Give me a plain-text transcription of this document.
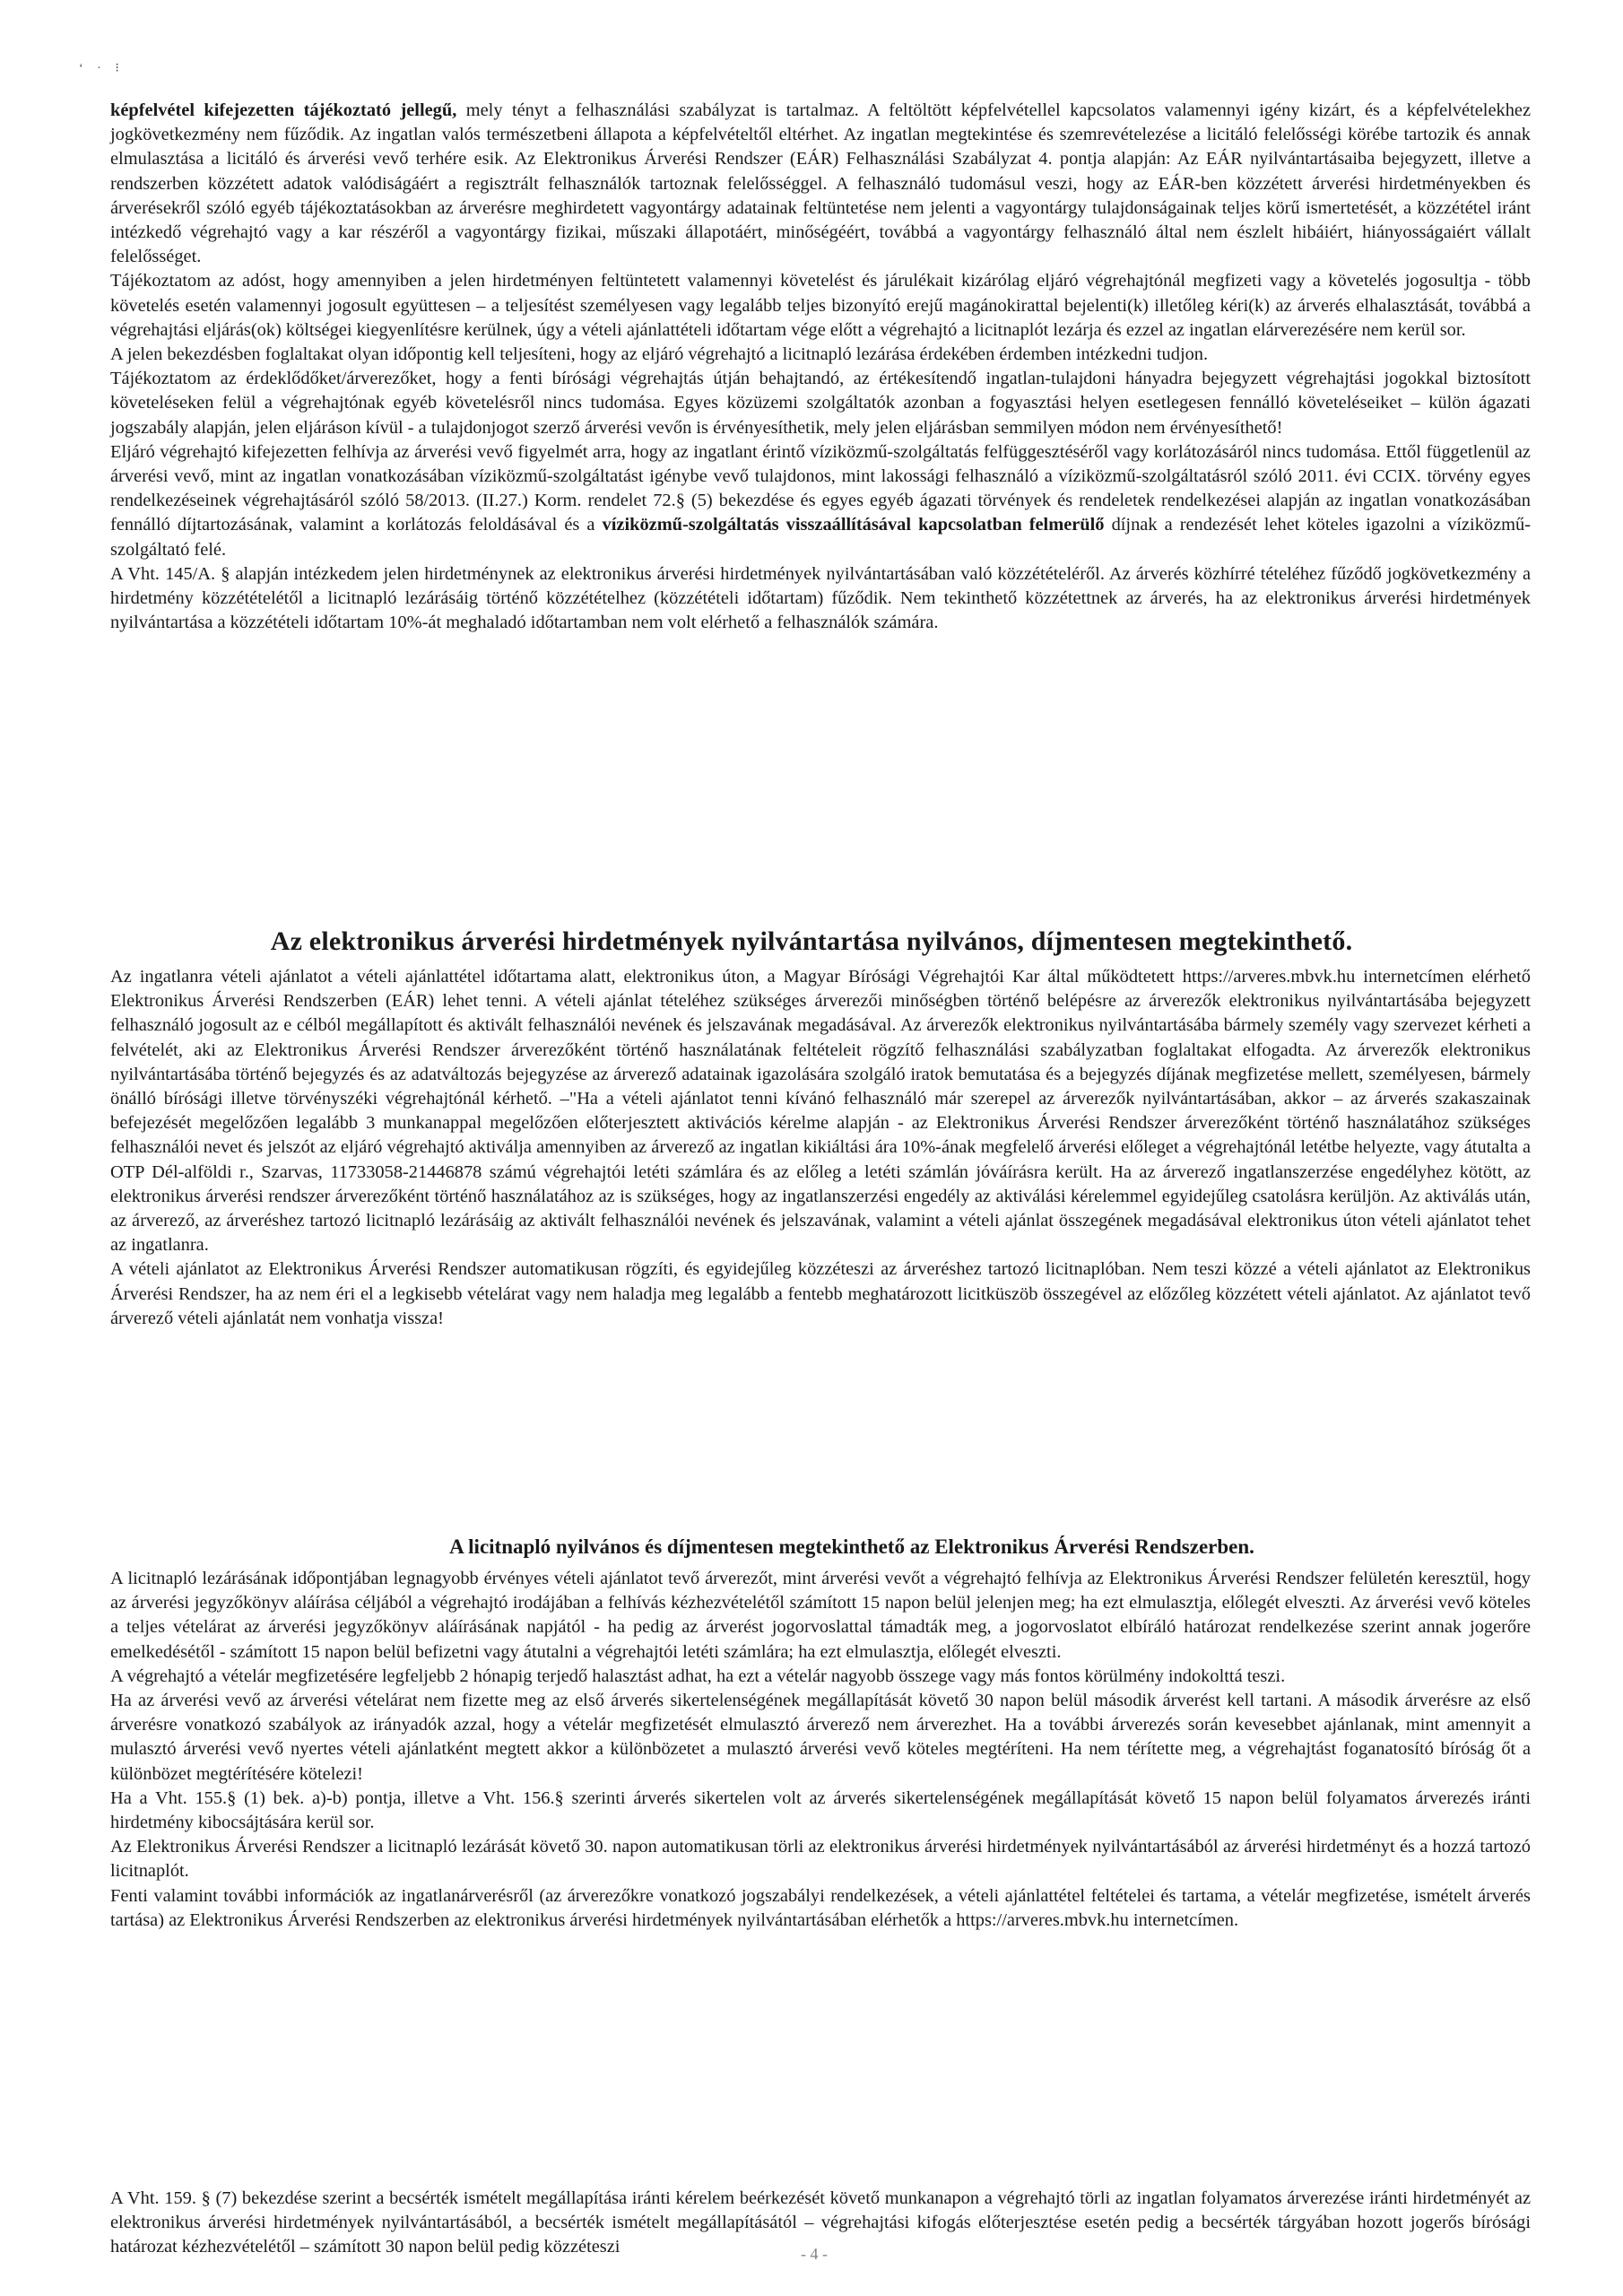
‘ · ⁝

képfelvétel kifejezetten tájékoztató jellegű, mely tényt a felhasználási szabályzat is tartalmaz. A feltöltött képfelvétellel kapcsolatos valamennyi igény kizárt, és a képfelvételekhez jogkövetkezmény nem fűződik. Az ingatlan valós természetbeni állapota a képfelvételtől eltérhet. Az ingatlan megtekintése és szemrevételezése a licitáló felelősségi körébe tartozik és annak elmulasztása a licitáló és árverési vevő terhére esik. Az Elektronikus Árverési Rendszer (EÁR) Felhasználási Szabályzat 4. pontja alapján: Az EÁR nyilvántartásaiba bejegyzett, illetve a rendszerben közzétett adatok valódiságáért a regisztrált felhasználók tartoznak felelősséggel. A felhasználó tudomásul veszi, hogy az EÁR-ben közzétett árverési hirdetményekben és árverésekről szóló egyéb tájékoztatásokban az árverésre meghirdetett vagyontárgy adatainak feltüntetése nem jelenti a vagyontárgy tulajdonságainak teljes körű ismertetését, a közzététel iránt intézkedő végrehajtó vagy a kar részéről a vagyontárgy fizikai, műszaki állapotáért, minőségéért, továbbá a vagyontárgy felhasználó által nem észlelt hibáiért, hiányosságaiért vállalt felelősséget.

Tájékoztatom az adóst, hogy amennyiben a jelen hirdetményen feltüntetett valamennyi követelést és járulékait kizárólag eljáró végrehajtónál megfizeti vagy a követelés jogosultja - több követelés esetén valamennyi jogosult együttesen – a teljesítést személyesen vagy legalább teljes bizonyító erejű magánokirattal bejelenti(k) illetőleg kéri(k) az árverés elhalasztását, továbbá a végrehajtási eljárás(ok) költségei kiegyenlítésre kerülnek, úgy a vételi ajánlattételi időtartam vége előtt a végrehajtó a licitnaplót lezárja és ezzel az ingatlan elárverezésére nem kerül sor.

A jelen bekezdésben foglaltakat olyan időpontig kell teljesíteni, hogy az eljáró végrehajtó a licitnapló lezárása érdekében érdemben intézkedni tudjon.

Tájékoztatom az érdeklődőket/árverezőket, hogy a fenti bírósági végrehajtás útján behajtandó, az értékesítendő ingatlan-tulajdoni hányadra bejegyzett végrehajtási jogokkal biztosított követeléseken felül a végrehajtónak egyéb követelésről nincs tudomása. Egyes közüzemi szolgáltatók azonban a fogyasztási helyen esetlegesen fennálló követeléseiket – külön ágazati jogszabály alapján, jelen eljáráson kívül - a tulajdonjogot szerző árverési vevőn is érvényesíthetik, mely jelen eljárásban semmilyen módon nem érvényesíthető!

Eljáró végrehajtó kifejezetten felhívja az árverési vevő figyelmét arra, hogy az ingatlant érintő víziközmű-szolgáltatás felfüggesztéséről vagy korlátozásáról nincs tudomása. Ettől függetlenül az árverési vevő, mint az ingatlan vonatkozásában víziközmű-szolgáltatást igénybe vevő tulajdonos, mint lakossági felhasználó a víziközmű-szolgáltatásról szóló 2011. évi CCIX. törvény egyes rendelkezéseinek végrehajtásáról szóló 58/2013. (II.27.) Korm. rendelet 72.§ (5) bekezdése és egyes egyéb ágazati törvények és rendeletek rendelkezései alapján az ingatlan vonatkozásában fennálló díjtartozásának, valamint a korlátozás feloldásával és a víziközmű-szolgáltatás visszaállításával kapcsolatban felmerülő díjnak a rendezését lehet köteles igazolni a víziközmű-szolgáltató felé.

A Vht. 145/A. § alapján intézkedem jelen hirdetménynek az elektronikus árverési hirdetmények nyilvántartásában való közzétételéről. Az árverés közhírré tételéhez fűződő jogkövetkezmény a hirdetmény közzétételétől a licitnapló lezárásáig történő közzétételhez (közzétételi időtartam) fűződik. Nem tekinthető közzétettnek az árverés, ha az elektronikus árverési hirdetmények nyilvántartása a közzétételi időtartam 10%-át meghaladó időtartamban nem volt elérhető a felhasználók számára.

Az elektronikus árverési hirdetmények nyilvántartása nyilvános, díjmentesen megtekinthető.

Az ingatlanra vételi ajánlatot a vételi ajánlattétel időtartama alatt, elektronikus úton, a Magyar Bírósági Végrehajtói Kar által működtetett https://arveres.mbvk.hu internetcímen elérhető Elektronikus Árverési Rendszerben (EÁR) lehet tenni. A vételi ajánlat tételéhez szükséges árverezői minőségben történő belépésre az árverezők elektronikus nyilvántartásába bejegyzett felhasználó jogosult az e célból megállapított és aktivált felhasználói nevének és jelszavának megadásával. Az árverezők elektronikus nyilvántartásába bármely személy vagy szervezet kérheti a felvételét, aki az Elektronikus Árverési Rendszer árverezőként történő használatának feltételeit rögzítő felhasználási szabályzatban foglaltakat elfogadta. Az árverezők elektronikus nyilvántartásába történő bejegyzés és az adatváltozás bejegyzése az árverező adatainak igazolására szolgáló iratok bemutatása és a bejegyzés díjának megfizetése mellett, személyesen, bármely önálló bírósági illetve törvényszéki végrehajtónál kérhető. –"Ha a vételi ajánlatot tenni kívánó felhasználó már szerepel az árverezők nyilvántartásában, akkor – az árverés szakaszainak befejezését megelőzően legalább 3 munkanappal megelőzően előterjesztett aktivációs kérelme alapján - az Elektronikus Árverési Rendszer árverezőként történő használatához szükséges felhasználói nevet és jelszót az eljáró végrehajtó aktiválja amennyiben az árverező az ingatlan kikiáltási ára 10%-ának megfelelő árverési előleget a végrehajtónál letétbe helyezte, vagy átutalta a OTP Dél-alföldi r., Szarvas, 11733058-21446878 számú végrehajtói letéti számlára és az előleg a letéti számlán jóváírásra került. Ha az árverező ingatlanszerzése engedélyhez kötött, az elektronikus árverési rendszer árverezőként történő használatához az is szükséges, hogy az ingatlanszerzési engedély az aktiválási kérelemmel egyidejűleg csatolásra kerüljön. Az aktiválás után, az árverező, az árveréshez tartozó licitnapló lezárásáig az aktivált felhasználói nevének és jelszavának, valamint a vételi ajánlat összegének megadásával elektronikus úton vételi ajánlatot tehet az ingatlanra.

A vételi ajánlatot az Elektronikus Árverési Rendszer automatikusan rögzíti, és egyidejűleg közzéteszi az árveréshez tartozó licitnaplóban. Nem teszi közzé a vételi ajánlatot az Elektronikus Árverési Rendszer, ha az nem éri el a legkisebb vételárat vagy nem haladja meg legalább a fentebb meghatározott licitküszöb összegével az előzőleg közzétett vételi ajánlatot. Az ajánlatot tevő árverező vételi ajánlatát nem vonhatja vissza!

A licitnapló nyilvános és díjmentesen megtekinthető az Elektronikus Árverési Rendszerben.

A licitnapló lezárásának időpontjában legnagyobb érvényes vételi ajánlatot tevő árverezőt, mint árverési vevőt a végrehajtó felhívja az Elektronikus Árverési Rendszer felületén keresztül, hogy az árverési jegyzőkönyv aláírása céljából a végrehajtó irodájában a felhívás kézhezvételétől számított 15 napon belül jelenjen meg; ha ezt elmulasztja, előlegét elveszti. Az árverési vevő köteles a teljes vételárat az árverési jegyzőkönyv aláírásának napjától - ha pedig az árverést jogorvoslattal támadták meg, a jogorvoslatot elbíráló határozat rendelkezése szerint annak jogerőre emelkedésétől - számított 15 napon belül befizetni vagy átutalni a végrehajtói letéti számlára; ha ezt elmulasztja, előlegét elveszti.

A végrehajtó a vételár megfizetésére legfeljebb 2 hónapig terjedő halasztást adhat, ha ezt a vételár nagyobb összege vagy más fontos körülmény indokolttá teszi.

Ha az árverési vevő az árverési vételárat nem fizette meg az első árverés sikertelenségének megállapítását követő 30 napon belül második árverést kell tartani. A második árverésre az első árverésre vonatkozó szabályok az irányadók azzal, hogy a vételár megfizetését elmulasztó árverező nem árverezhet. Ha a további árverezés során kevesebbet ajánlanak, mint amennyit a mulasztó árverési vevő nyertes vételi ajánlatként megtett akkor a különbözetet a mulasztó árverési vevő köteles megtéríteni. Ha nem térítette meg, a végrehajtást foganatosító bíróság őt a különbözet megtérítésére kötelezi!

Ha a Vht. 155.§ (1) bek. a)-b) pontja, illetve a Vht. 156.§ szerinti árverés sikertelen volt az árverés sikertelenségének megállapítását követő 15 napon belül folyamatos árverezés iránti hirdetmény kibocsájtására kerül sor.

Az Elektronikus Árverési Rendszer a licitnapló lezárását követő 30. napon automatikusan törli az elektronikus árverési hirdetmények nyilvántartásából az árverési hirdetményt és a hozzá tartozó licitnaplót.

Fenti valamint további információk az ingatlanárverésről (az árverezőkre vonatkozó jogszabályi rendelkezések, a vételi ajánlattétel feltételei és tartama, a vételár megfizetése, ismételt árverés tartása) az Elektronikus Árverési Rendszerben az elektronikus árverési hirdetmények nyilvántartásában elérhetők a https://arveres.mbvk.hu internetcímen.

A Vht. 159. § (7) bekezdése szerint a becsérték ismételt megállapítása iránti kérelem beérkezését követő munkanapon a végrehajtó törli az ingatlan folyamatos árverezése iránti hirdetményét az elektronikus árverési hirdetmények nyilvántartásából, a becsérték ismételt megállapításától – végrehajtási kifogás előterjesztése esetén pedig a becsérték tárgyában hozott jogerős bírósági határozat kézhezvételétől – számított 30 napon belül pedig közzéteszi	- 4 -
